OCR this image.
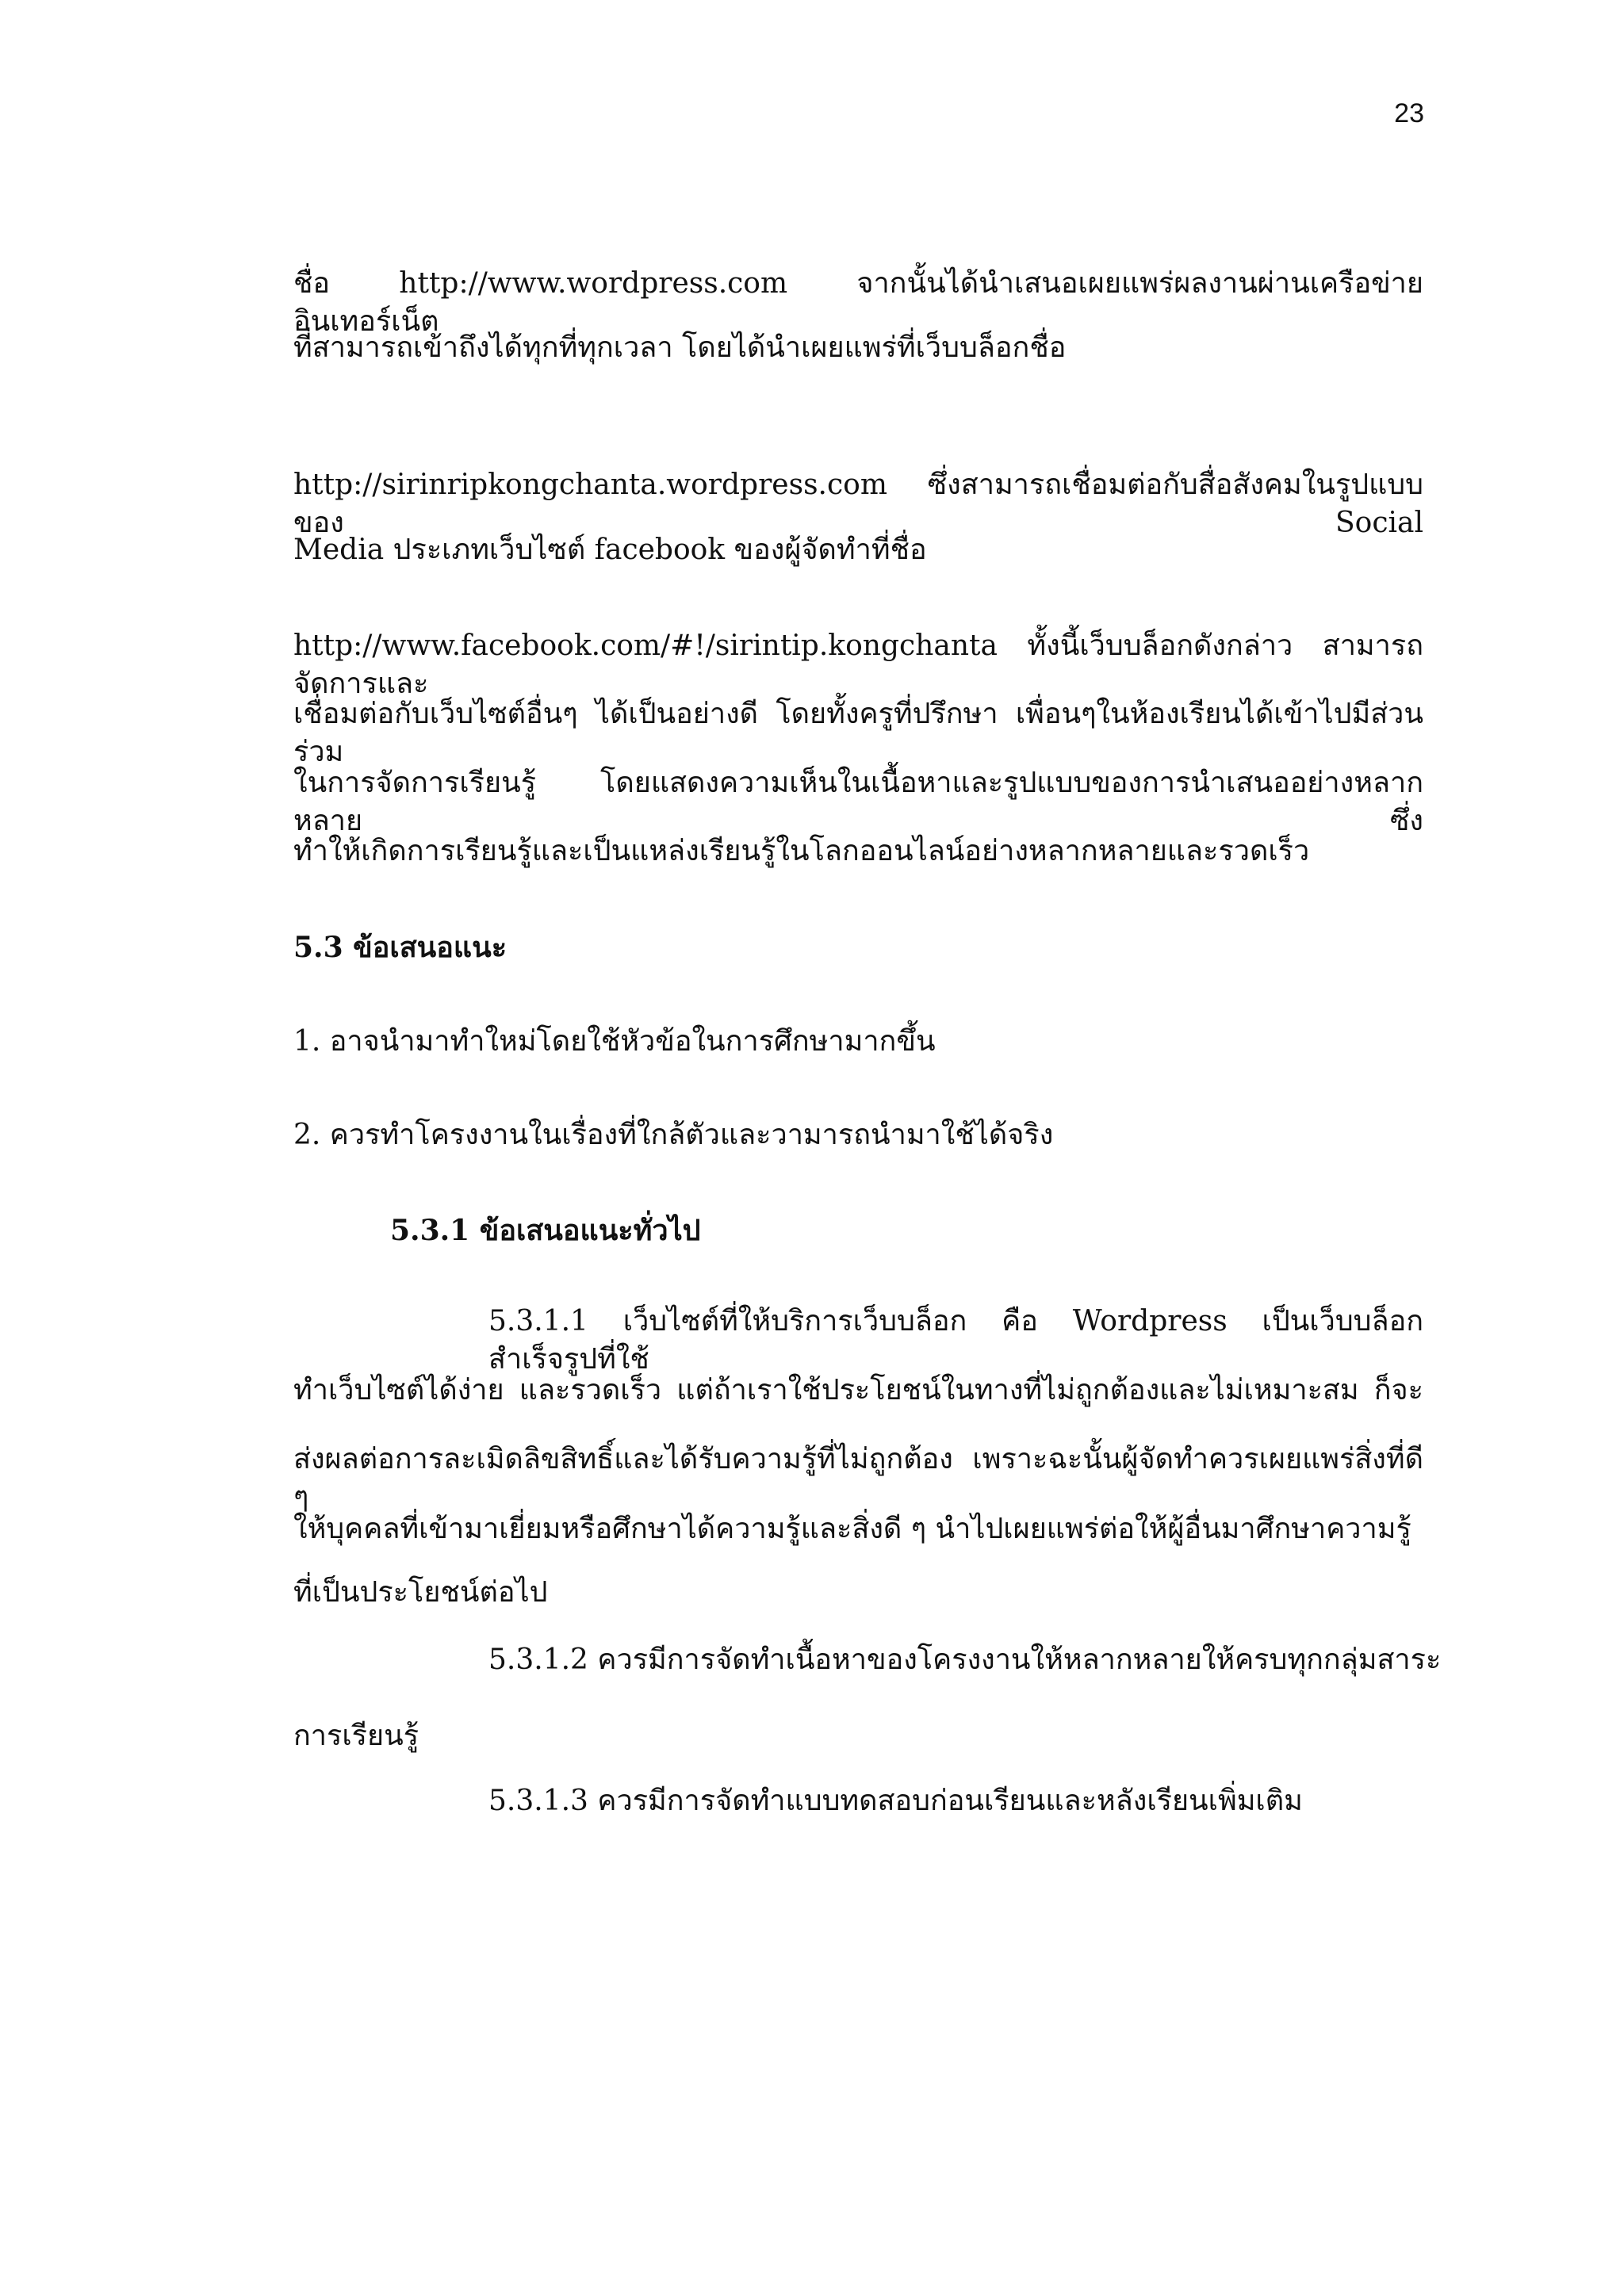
23
ชื่อ http://www.wordpress.com จากนั้นได้นำเสนอเผยแพร่ผลงานผ่านเครือข่ายอินเทอร์เน็ต
ที่สามารถเข้าถึงได้ทุกที่ทุกเวลา โดยได้นำเผยแพร่ที่เว็บบล็อกชื่อ
http://sirinripkongchanta.wordpress.com ซึ่งสามารถเชื่อมต่อกับสื่อสังคมในรูปแบบของ Social
Media ประเภทเว็บไซต์ facebook ของผู้จัดทำที่ชื่อ
http://www.facebook.com/#!/sirintip.kongchanta ทั้งนี้เว็บบล็อกดังกล่าว สามารถจัดการและ
เชื่อมต่อกับเว็บไซต์อื่นๆ ได้เป็นอย่างดี โดยทั้งครูที่ปรึกษา เพื่อนๆในห้องเรียนได้เข้าไปมีส่วนร่วม
ในการจัดการเรียนรู้ โดยแสดงความเห็นในเนื้อหาและรูปแบบของการนำเสนออย่างหลากหลาย ซึ่ง
ทำให้เกิดการเรียนรู้และเป็นแหล่งเรียนรู้ในโลกออนไลน์อย่างหลากหลายและรวดเร็ว
5.3 ข้อเสนอแนะ
1. อาจนำมาทำใหม่โดยใช้หัวข้อในการศึกษามากขึ้น
2. ควรทำโครงงานในเรื่องที่ใกล้ตัวและวามารถนำมาใช้ได้จริง
5.3.1 ข้อเสนอแนะทั่วไป
5.3.1.1 เว็บไซต์ที่ให้บริการเว็บบล็อก คือ Wordpress เป็นเว็บบล็อกสำเร็จรูปที่ใช้
ทำเว็บไซต์ได้ง่าย และรวดเร็ว แต่ถ้าเราใช้ประโยชน์ในทางที่ไม่ถูกต้องและไม่เหมาะสม ก็จะ
ส่งผลต่อการละเมิดลิขสิทธิ์และได้รับความรู้ที่ไม่ถูกต้อง เพราะฉะนั้นผู้จัดทำควรเผยแพร่สิ่งที่ดี ๆ
ให้บุคคลที่เข้ามาเยี่ยมหรือศึกษาได้ความรู้และสิ่งดี ๆ นำไปเผยแพร่ต่อให้ผู้อื่นมาศึกษาความรู้
ที่เป็นประโยชน์ต่อไป
5.3.1.2 ควรมีการจัดทำเนื้อหาของโครงงานให้หลากหลายให้ครบทุกกลุ่มสาระ
การเรียนรู้
5.3.1.3 ควรมีการจัดทำแบบทดสอบก่อนเรียนและหลังเรียนเพิ่มเติม
